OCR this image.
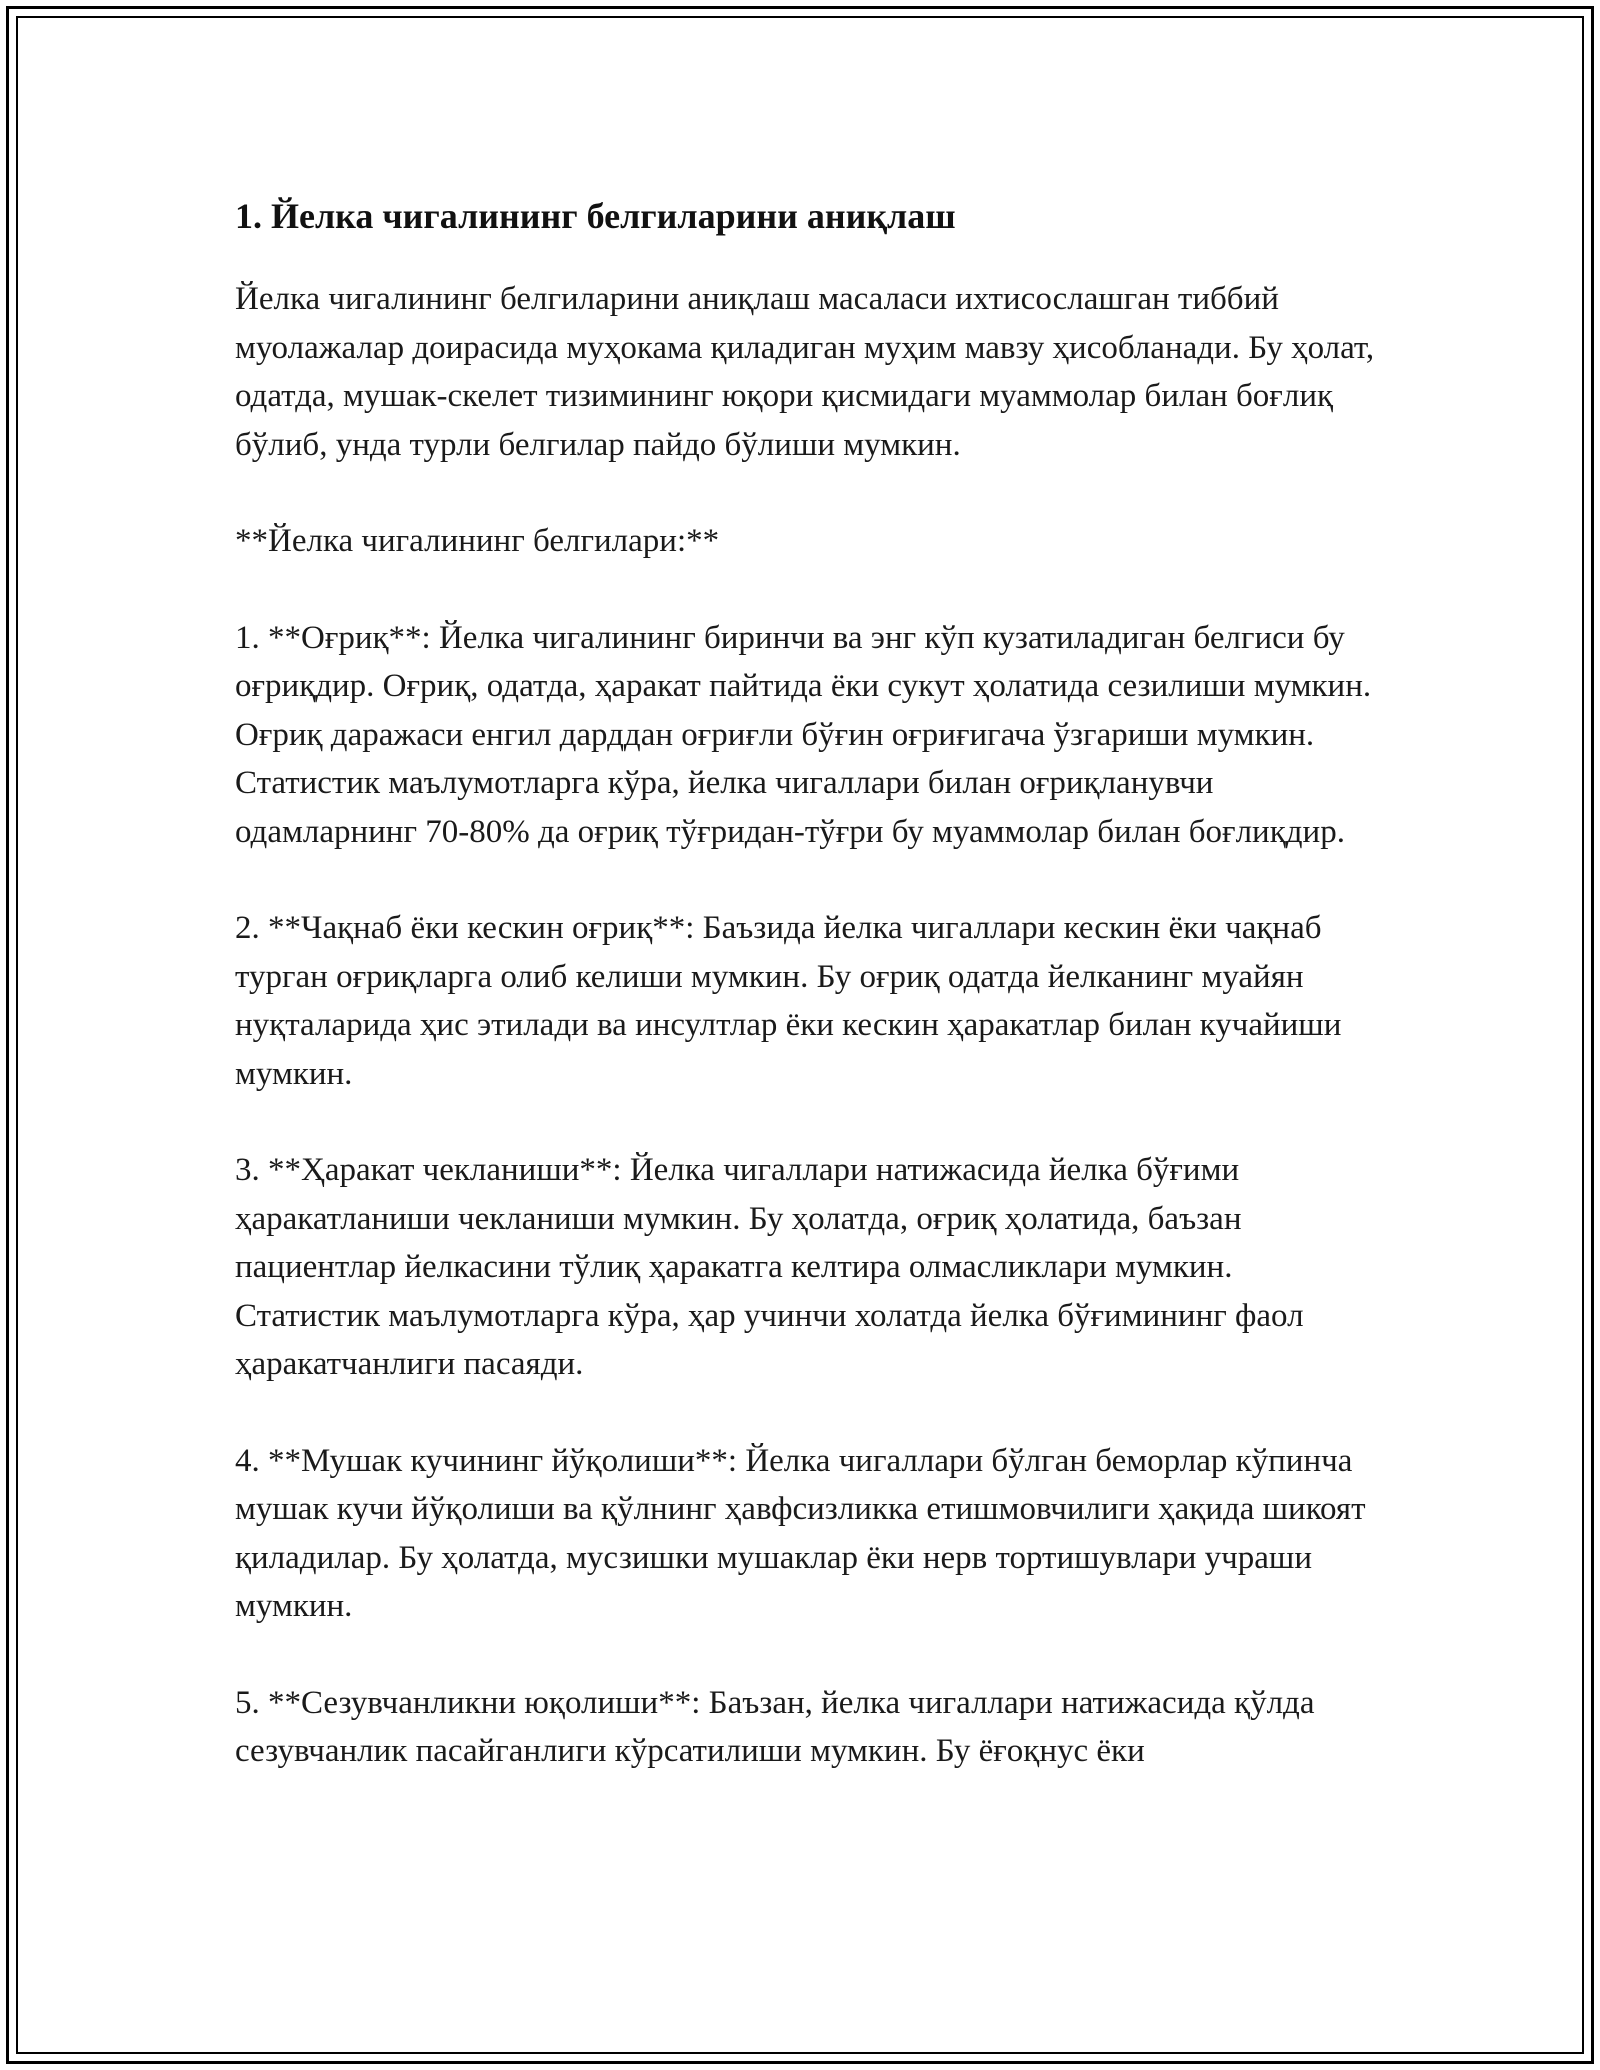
1. Йелка чигалининг белгиларини аниқлаш

Йелка чигалининг белгиларини аниқлаш масаласи ихтисослашган тиббий муолажалар доирасида муҳокама қиладиган муҳим мавзу ҳисобланади. Бу ҳолат, одатда, мушак-скелет тизимининг юқори қисмидаги муаммолар билан боғлиқ бўлиб, унда турли белгилар пайдо бўлиши мумкин.

**Йелка чигалининг белгилари:**

1. **Оғриқ**: Йелка чигалининг биринчи ва энг кўп кузатиладиган белгиси бу оғриқдир. Оғриқ, одатда, ҳаракат пайтида ёки сукут ҳолатида сезилиши мумкин. Оғриқ даражаси енгил дарддан оғриғли бўғин оғриғигача ўзгариши мумкин. Статистик маълумотларга кўра, йелка чигаллари билан оғриқланувчи одамларнинг 70-80% да оғриқ тўғридан-тўғри бу муаммолар билан боғлиқдир.

2. **Чақнаб ёки кескин оғриқ**: Баъзида йелка чигаллари кескин ёки чақнаб турган оғриқларга олиб келиши мумкин. Бу оғриқ одатда йелканинг муайян нуқталарида ҳис этилади ва инсултлар ёки кескин ҳаракатлар билан кучайиши мумкин.

3. **Ҳаракат чекланиши**: Йелка чигаллари натижасида йелка бўғими ҳаракатланиши чекланиши мумкин. Бу ҳолатда, оғриқ ҳолатида, баъзан пациентлар йелкасини тўлиқ ҳаракатга келтира олмасликлари мумкин. Статистик маълумотларга кўра, ҳар учинчи холатда йелка бўғимининг фаол ҳаракатчанлиги пасаяди.

4. **Мушак кучининг йўқолиши**: Йелка чигаллари бўлган беморлар кўпинча мушак кучи йўқолиши ва қўлнинг ҳавфсизликка етишмовчилиги ҳақида шикоят қиладилар. Бу ҳолатда, мусзишки мушаклар ёки нерв тортишувлари учраши мумкин.

5. **Сезувчанликни юқолиши**: Баъзан, йелка чигаллари натижасида қўлда сезувчанлик пасайганлиги кўрсатилиши мумкин. Бу ёғоқнус ёки
